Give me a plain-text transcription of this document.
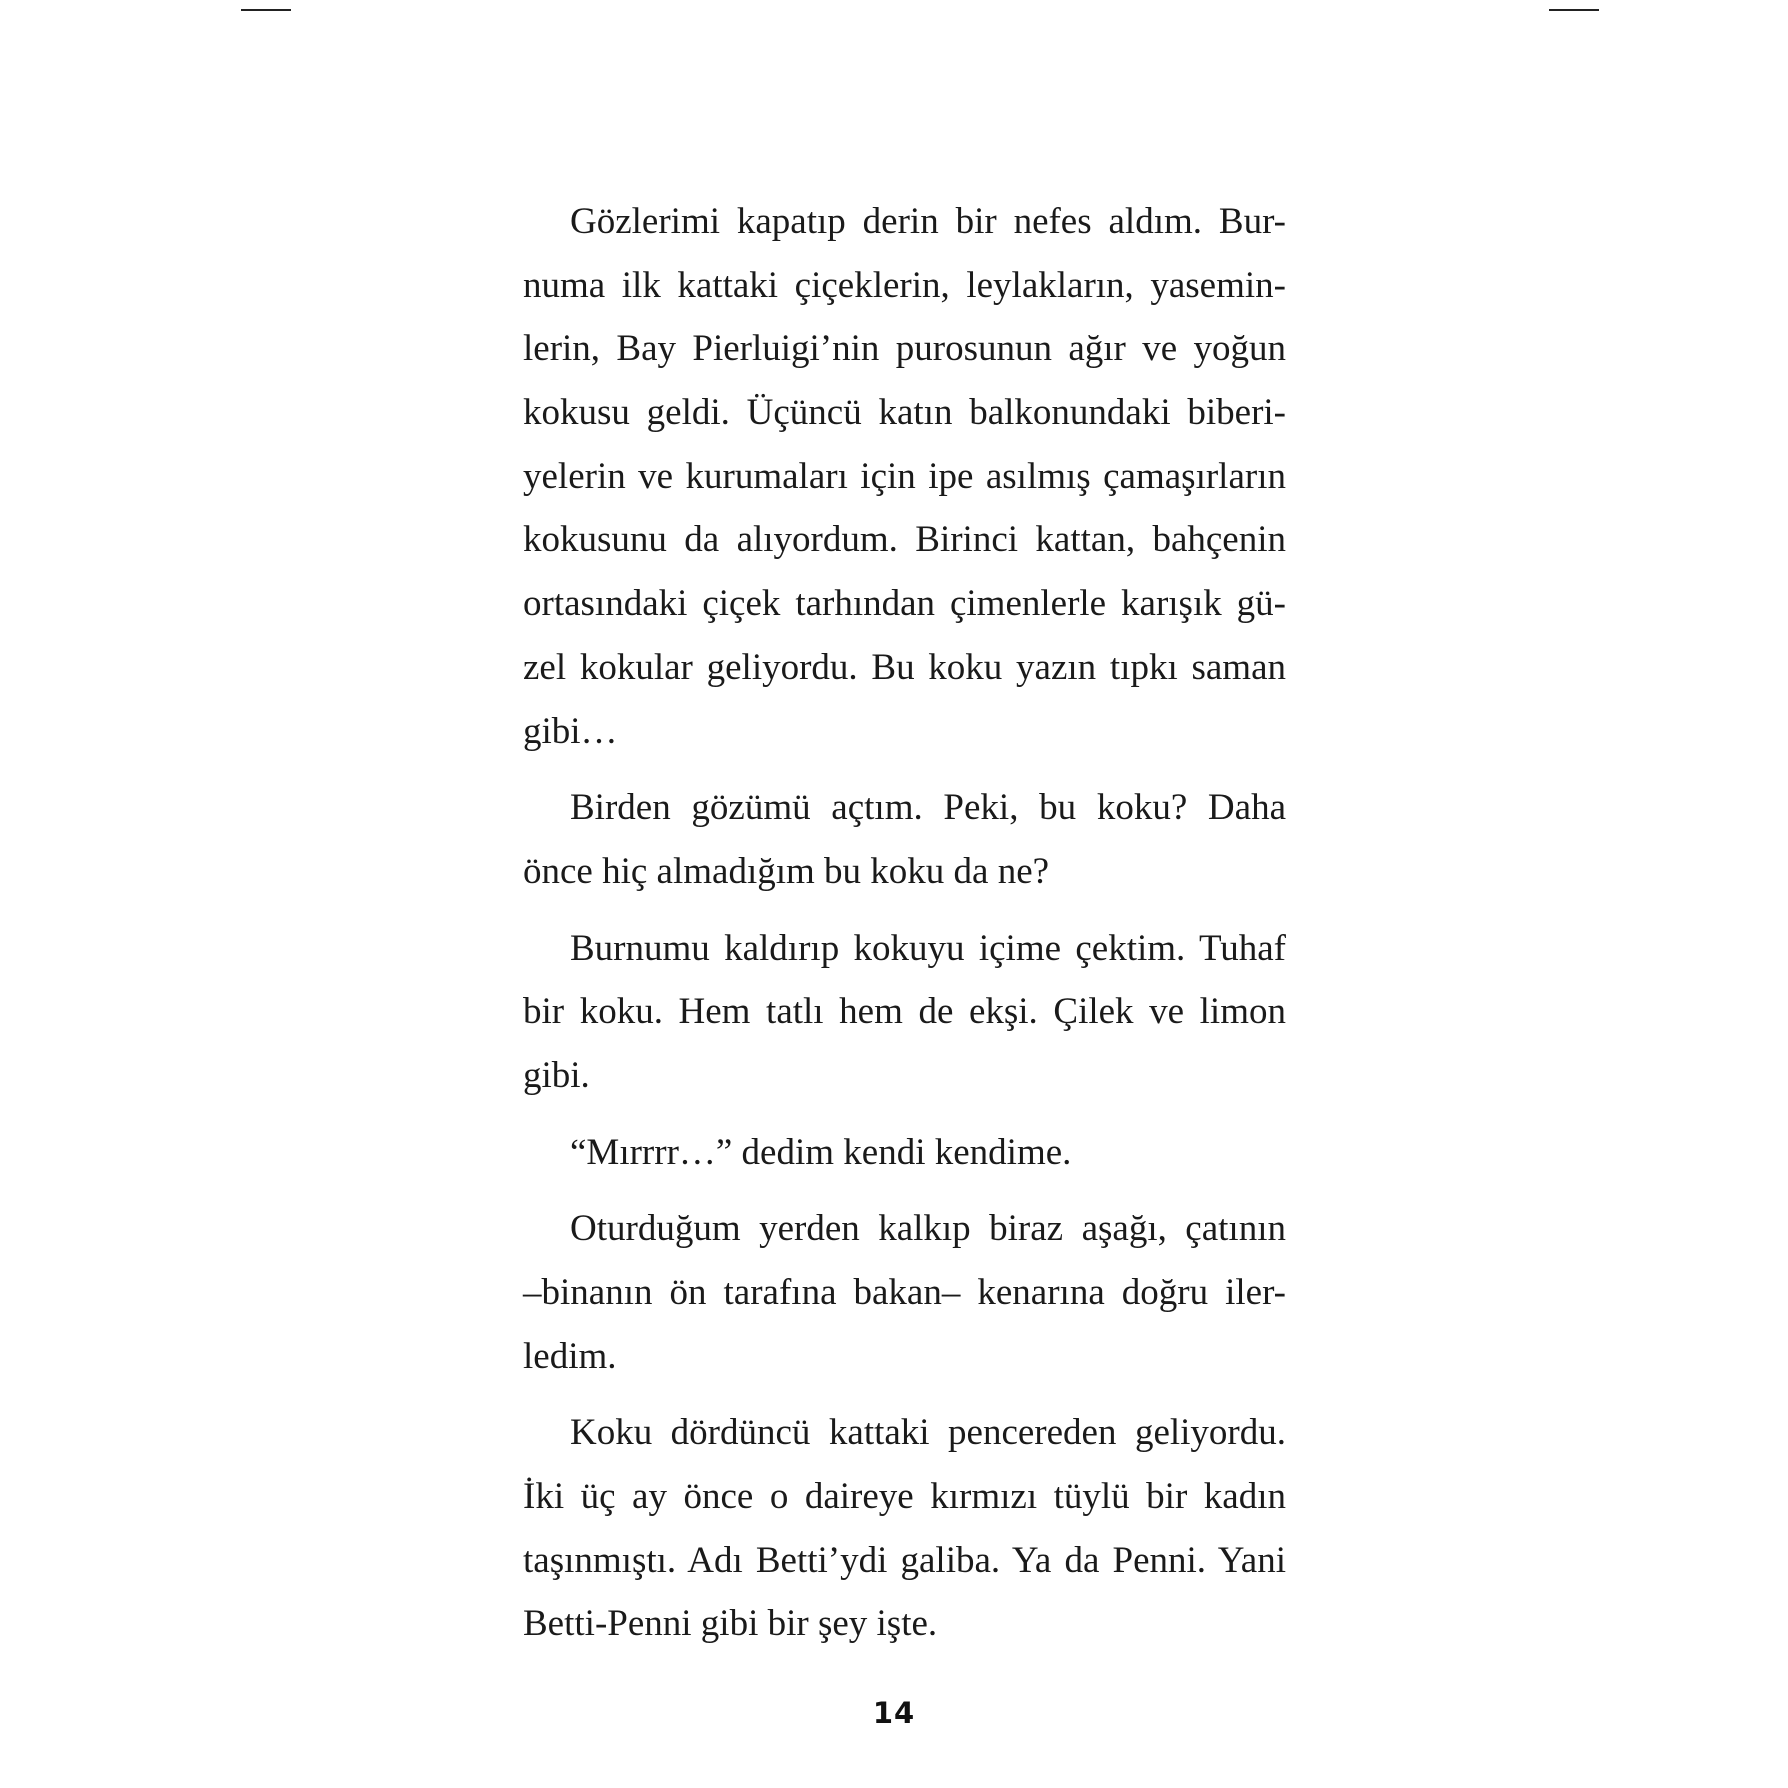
Gözlerimi kapatıp derin bir nefes aldım. Bur-
numa ilk kattaki çiçeklerin, leylakların, yasemin-
lerin, Bay Pierluigi’nin purosunun ağır ve yoğun
kokusu geldi. Üçüncü katın balkonundaki biberi-
yelerin ve kurumaları için ipe asılmış çamaşırların
kokusunu da alıyordum. Birinci kattan, bahçenin
ortasındaki çiçek tarhından çimenlerle karışık gü-
zel kokular geliyordu. Bu koku yazın tıpkı saman
gibi…
Birden gözümü açtım. Peki, bu koku? Daha
önce hiç almadığım bu koku da ne?
Burnumu kaldırıp kokuyu içime çektim. Tuhaf
bir koku. Hem tatlı hem de ekşi. Çilek ve limon
gibi.
“Mırrrr…” dedim kendi kendime.
Oturduğum yerden kalkıp biraz aşağı, çatının
–binanın ön tarafına bakan– kenarına doğru iler-
ledim.
Koku dördüncü kattaki pencereden geliyordu.
İki üç ay önce o daireye kırmızı tüylü bir kadın
taşınmıştı. Adı Betti’ydi galiba. Ya da Penni. Yani
Betti-Penni gibi bir şey işte.
14
